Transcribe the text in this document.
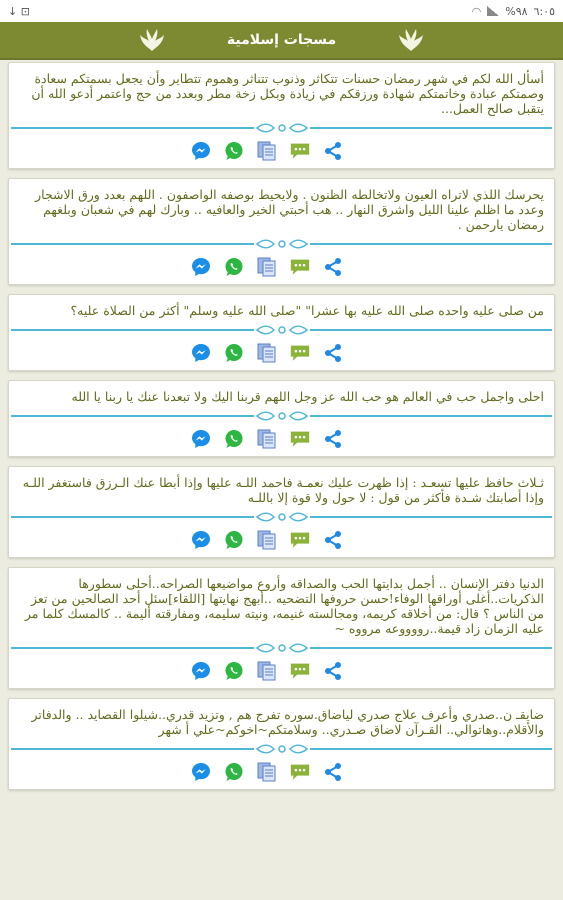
↓ ⊡	◠ %٩٨ ٦:٠٥
مسجات إسلامية
أسأل الله لكم في شهر رمضان حسنات تتكاثر وذنوب تتناثر وهموم تتطاير وأن يجعل بسمتكم سعادة وصمتكم عبادة وخاتمتكم شهادة ورزقكم في زيادة وبكل زخة مطر وبعدد من حج واعتمر أدعو الله أن يتقبل صالح العمل...
يحرسك اللذي لاتراه العيون ولاتخالطه الظنون . ولايحيط بوصفه الواصفون . اللهم بعدد ورق الاشجار وعدد ما اظلم علينا الليل واشرق النهار .. هب أحبتي الخير والعافيه .. وبارك لهم في شعبان وبلغهم رمضان يارحمن .
من صلى عليه واحده صلى الله عليه بها عشرا" "صلى الله عليه وسلم" أكثر من الصلاة عليه؟
احلى واجمل حب في العالم هو حب الله عز وجل اللهم قربنا اليك ولا تبعدنا عنك يا ربنا يا الله
ثـلاث حافظ عليها تسعـد : إذا ظهرت عليك نعمـة فاحمد اللـه عليها وإذا أبطا عنك الـرزق فاستغفر اللـه وإذا أصابتك شـدة فأكثر من قول : لا حول ولا قوة إلا باللـه
الدنيا دفتر الإنسان .. أجمل بدايتها الحب والصداقه وأروع مواضيعها الصراحه..أحلى سطورها الذكريات..أغلى أوراقها الوفاء!حسن حروفها التضحيه ..أبهج نهايتها [اللقاء]سئل أحد الصالحين من تعز من الناس ؟ قال: من أخلاقه كريمه، ومجالسته غنيمه، ونيته سليمه، ومفارقته أليمة .. كالمسك كلما مر عليه الزمان زاد قيمة..رووووعه مرووه ~
ضايقـ ن..صدري وأعرف علاج صدري لياضاق.سوره تفرج هم , وتزيد قدري..شيلوا القصايد .. والدفاتر والأقلام..وهاتوالي.. القـرآن لاضاق صـدري.. وسلامتكم~اخوكم~علي أ شهر
